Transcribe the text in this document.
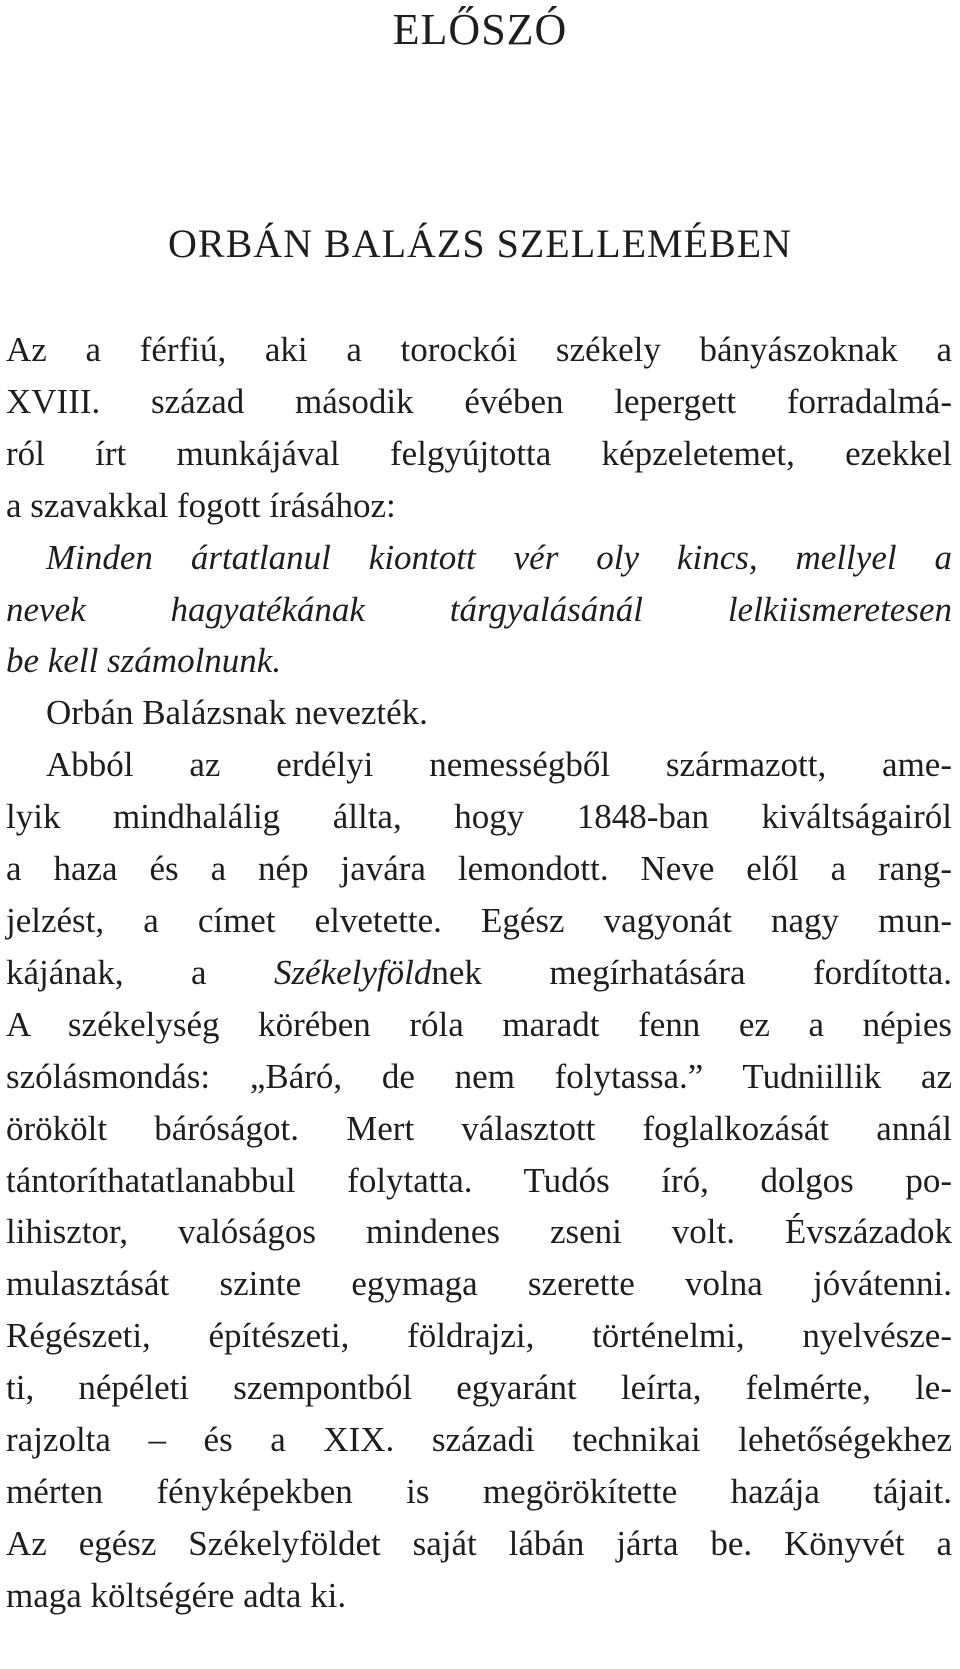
ELŐSZÓ
ORBÁN BALÁZS SZELLEMÉBEN
Az a férfiú, aki a torockói székely bányászoknak a
XVIII. század második évében lepergett forradalmá-
ról írt munkájával felgyújtotta képzeletemet, ezekkel
a szavakkal fogott írásához:
Minden ártatlanul kiontott vér oly kincs, mellyel a
nevek hagyatékának tárgyalásánál lelkiismeretesen
be kell számolnunk.
Orbán Balázsnak nevezték.
Abból az erdélyi nemességből származott, ame-
lyik mindhalálig állta, hogy 1848-ban kiváltságairól
a haza és a nép javára lemondott. Neve elől a rang-
jelzést, a címet elvetette. Egész vagyonát nagy mun-
kájának, a Székelyföldnek megírhatására fordította.
A székelység körében róla maradt fenn ez a népies
szólásmondás: „Báró, de nem folytassa.” Tudniillik az
örökölt báróságot. Mert választott foglalkozását annál
tántoríthatatlanabbul folytatta. Tudós író, dolgos po-
lihisztor, valóságos mindenes zseni volt. Évszázadok
mulasztását szinte egymaga szerette volna jóvátenni.
Régészeti, építészeti, földrajzi, történelmi, nyelvésze-
ti, népéleti szempontból egyaránt leírta, felmérte, le-
rajzolta – és a XIX. századi technikai lehetőségekhez
mérten fényképekben is megörökítette hazája tájait.
Az egész Székelyföldet saját lábán járta be. Könyvét a
maga költségére adta ki.
